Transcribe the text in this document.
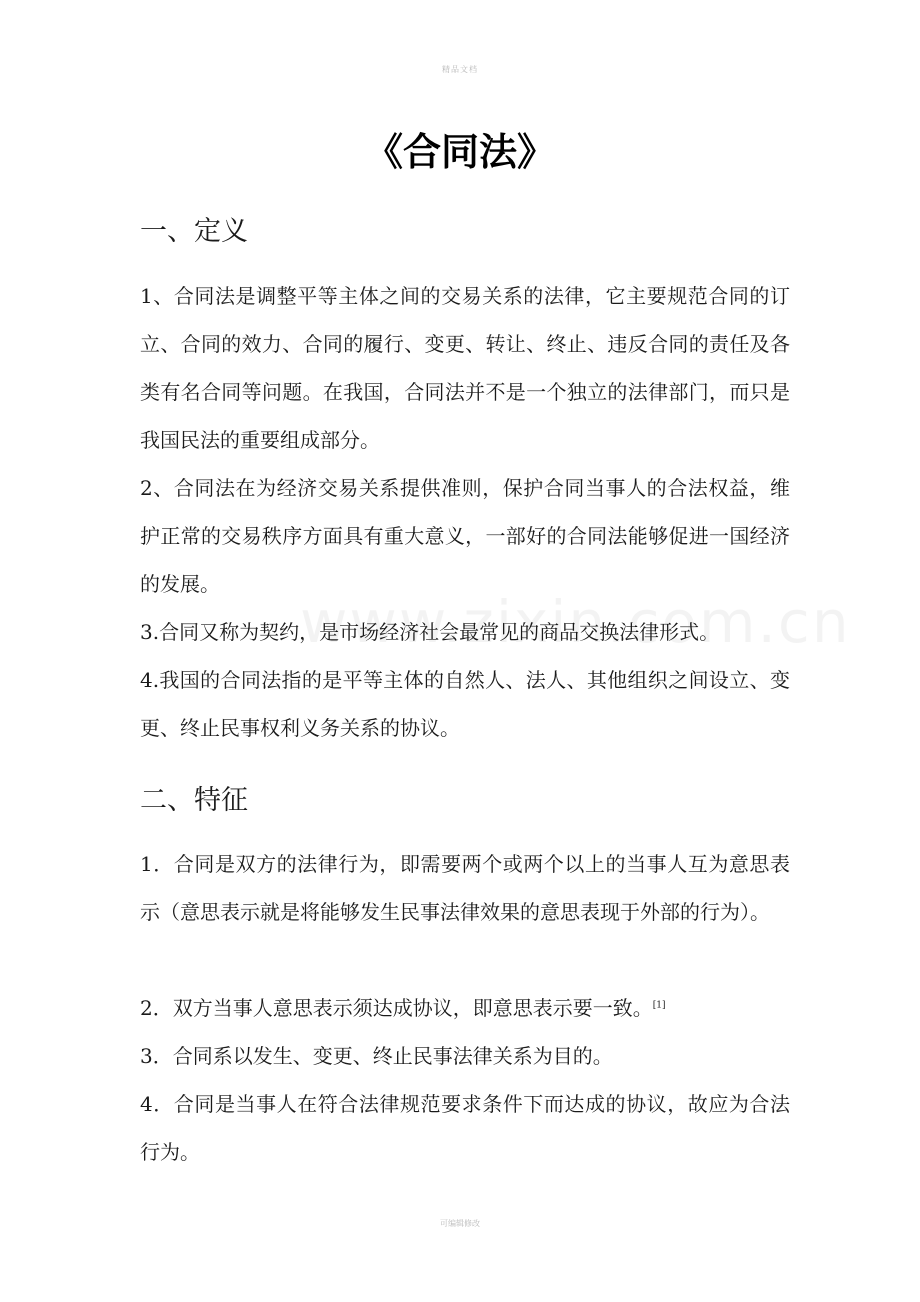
精品文档
《合同法》
一、定义
1、合同法是调整平等主体之间的交易关系的法律，它主要规范合同的订立、合同的效力、合同的履行、变更、转让、终止、违反合同的责任及各类有名合同等问题。在我国，合同法并不是一个独立的法律部门，而只是我国民法的重要组成部分。
2、合同法在为经济交易关系提供准则，保护合同当事人的合法权益，维护正常的交易秩序方面具有重大意义，一部好的合同法能够促进一国经济的发展。
3.合同又称为契约，是市场经济社会最常见的商品交换法律形式。
4.我国的合同法指的是平等主体的自然人、法人、其他组织之间设立、变更、终止民事权利义务关系的协议。
二、特征
1．合同是双方的法律行为，即需要两个或两个以上的当事人互为意思表示（意思表示就是将能够发生民事法律效果的意思表现于外部的行为）。
2．双方当事人意思表示须达成协议，即意思表示要一致。[1]
3．合同系以发生、变更、终止民事法律关系为目的。
4．合同是当事人在符合法律规范要求条件下而达成的协议，故应为合法行为。
可编辑修改
